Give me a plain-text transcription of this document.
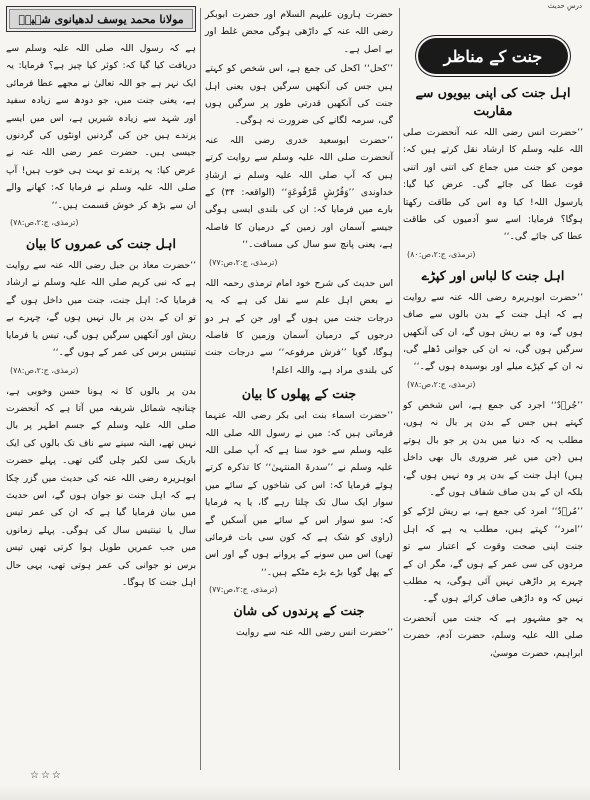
درسِ حدیث
جنت کے مناظر
اہل جنت کی اپنی بیویوں سے مقاربت

’’حضرت انس رضی اللہ عنہ آنحضرت صلی اللہ علیہ وسلم کا ارشاد نقل کرتے ہیں کہ: مومن کو جنت میں جماع کی اتنی اور اتنی قوت عطا کی جائے گی۔ عرض کیا گیا: یارسول اللہ! کیا وہ اس کی طاقت رکھتا ہوگا؟ فرمایا: اسے سو آدمیوں کی طاقت عطا کی جائے گی۔‘‘

(ترمذی، ج:۲،ص:۸۰)
اہل جنت کا لباس اور کپڑے

’’حضرت ابوہریرہ رضی اللہ عنہ سے روایت ہے کہ اہل جنت کے بدن بالوں سے صاف ہوں گے، وہ بے ریش ہوں گے، ان کی آنکھیں سرگیں ہوں گی، نہ ان کی جوانی ڈھلے گی، نہ ان کے کپڑے میلے اور بوسیدہ ہوں گے۔‘‘

(ترمذی، ج:۲،ص:۷۸)

’’جُرۡدٌ‘‘ اجرد کی جمع ہے، اس شخص کو کہتے ہیں جس کے بدن پر بال نہ ہوں، مطلب یہ کہ دنیا میں بدن پر جو بال ہوتے ہیں (جن میں غیر ضروری بال بھی داخل ہیں) اہل جنت کے بدن پر وہ نہیں ہوں گے، بلکہ ان کے بدن صاف شفاف ہوں گے۔

’’مُرۡدٌ‘‘ امرد کی جمع ہے، بے ریش لڑکے کو ’’امرد‘‘ کہتے ہیں، مطلب یہ ہے کہ اہل جنت اپنی صحت وقوت کے اعتبار سے تو مردوں کی سی عمر کے ہوں گے، مگر ان کے چہرے پر داڑھی نہیں آئی ہوگی، یہ مطلب نہیں کہ وہ داڑھی صاف کرائے ہوں گے۔

یہ جو مشہور ہے کہ جنت میں آنحضرت صلی اللہ علیہ وسلم، حضرت آدم، حضرت ابراہیم، حضرت موسیٰ،

حضرت ہارون علیہم السلام اور حضرت ابوبکر رضی اللہ عنہ کے داڑھی ہوگی محض غلط اور بے اصل ہے۔

’’کحل‘‘ اکحل کی جمع ہے، اس شخص کو کہتے ہیں جس کی آنکھیں سرگیں ہوں یعنی اہل جنت کی آنکھیں قدرتی طور پر سرگیں ہوں گی، سرمہ لگانے کی ضرورت نہ ہوگی۔

’’حضرت ابوسعید خدری رضی اللہ عنہ آنحضرت صلی اللہ علیہ وسلم سے روایت کرتے ہیں کہ آپ صلی اللہ علیہ وسلم نے ارشادِ خداوندی ’’وَفُرُشٍ مَّرْفُوعَةٍ‘‘ (الواقعہ: ۳۴) کے بارے میں فرمایا کہ: ان کی بلندی ایسی ہوگی جیسے آسمان اور زمین کے درمیان کا فاصلہ ہے، یعنی پانچ سو سال کی مسافت۔‘‘

(ترمذی، ج:۲،ص:۷۷)

اس حدیث کی شرح خود امام ترمذی رحمہ اللہ نے بعض اہل علم سے نقل کی ہے کہ یہ درجات جنت میں ہوں گے اور جن کے ہر دو درجوں کے درمیان آسمان وزمین کا فاصلہ ہوگا، گویا ’’فرش مرفوعہ‘‘ سے درجات جنت کی بلندی مراد ہے، واللہ اعلم!

جنت کے پھلوں کا بیان

’’حضرت اسماء بنت ابی بکر رضی اللہ عنہما فرماتی ہیں کہ: میں نے رسول اللہ صلی اللہ علیہ وسلم سے خود سنا ہے کہ آپ صلی اللہ علیہ وسلم نے ’’سدرۃ المنتہیٰ‘‘ کا تذکرہ کرتے ہوئے فرمایا کہ: اس کی شاخوں کے سائے میں سوار ایک سال تک چلتا رہے گا، یا یہ فرمایا کہ: سو سوار اس کے سائے میں آسکیں گے (راوی کو شک ہے کہ کون سی بات فرمائی تھی) اس میں سونے کے پروانے ہوں گے اور اس کے پھل گویا بڑے بڑے مٹکے ہیں۔‘‘

(ترمذی، ج:۲،ص:۷۷)
جنت کے پرندوں کی شان

’’حضرت انس رضی اللہ عنہ سے روایت

مولانا محمد یوسف لدھیانوی شہیدؒ

ہے کہ رسول اللہ صلی اللہ علیہ وسلم سے دریافت کیا گیا کہ: کوثر کیا چیز ہے؟ فرمایا: یہ ایک نہر ہے جو اللہ تعالیٰ نے مجھے عطا فرمائی ہے، یعنی جنت میں، جو دودھ سے زیادہ سفید اور شہد سے زیادہ شیریں ہے، اس میں ایسے پرندے ہیں جن کی گردنیں اونٹوں کی گردنوں جیسی ہیں۔ حضرت عمر رضی اللہ عنہ نے عرض کیا: یہ پرندے تو بہت ہی خوب ہیں! آپ صلی اللہ علیہ وسلم نے فرمایا کہ: کھانے والے ان سے بڑھ کر خوش قسمت ہیں۔‘‘

(ترمذی، ج:۲،ص:۷۸)
اہل جنت کی عمروں کا بیان

’’حضرت معاذ بن جبل رضی اللہ عنہ سے روایت ہے کہ نبی کریم صلی اللہ علیہ وسلم نے ارشاد فرمایا کہ: اہل جنت، جنت میں داخل ہوں گے تو ان کے بدن پر بال نہیں ہوں گے، چہرے بے ریش اور آنکھیں سرگیں ہوں گی، تیس یا فرمایا تینتیس برس کی عمر کے ہوں گے۔‘‘

(ترمذی، ج:۲،ص:۷۸)

بدن پر بالوں کا نہ ہونا حسن وخوبی ہے، چنانچہ شمائل شریفہ میں آتا ہے کہ آنحضرت صلی اللہ علیہ وسلم کے جسم اطہر پر بال نہیں تھے، البتہ سینے سے ناف تک بالوں کی ایک باریک سی لکیر چلی گئی تھی۔ پہلے حضرت ابوہریرہ رضی اللہ عنہ کی حدیث میں گزر چکا ہے کہ اہل جنت نو جوان ہوں گے، اس حدیث میں بیان فرمایا گیا ہے کہ ان کی عمر تیس سال یا تینتیس سال کی ہوگی۔ پہلے زمانوں میں جب عمریں طویل ہوا کرتی تھیں تیس برس نو جوانی کی عمر ہوتی تھی، یہی حال اہل جنت کا ہوگا۔

☆☆☆
